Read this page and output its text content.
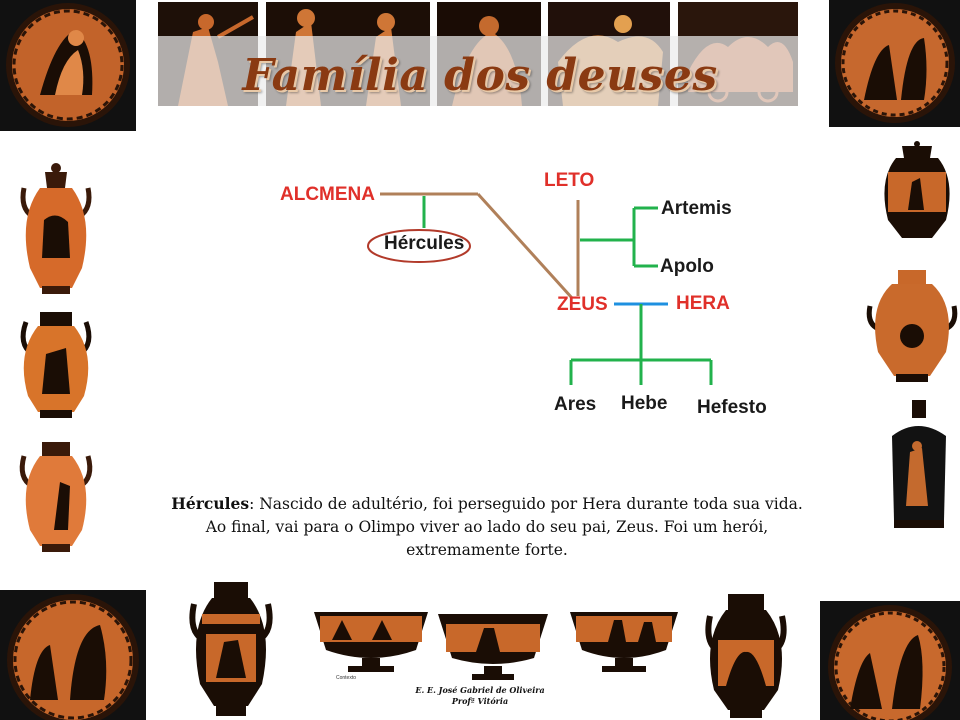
Família dos deuses
ALCMENA
Hércules
LETO
Artemis
Apolo
ZEUS	HERA
Ares Hebe Hefesto
Hércules: Nascido de adultério, foi perseguido por Hera durante toda sua vida.
Ao final, vai para o Olimpo viver ao lado do seu pai, Zeus. Foi um herói,
extremamente forte.
Contexto
E. E. José Gabriel de Oliveira
Profª Vitória
